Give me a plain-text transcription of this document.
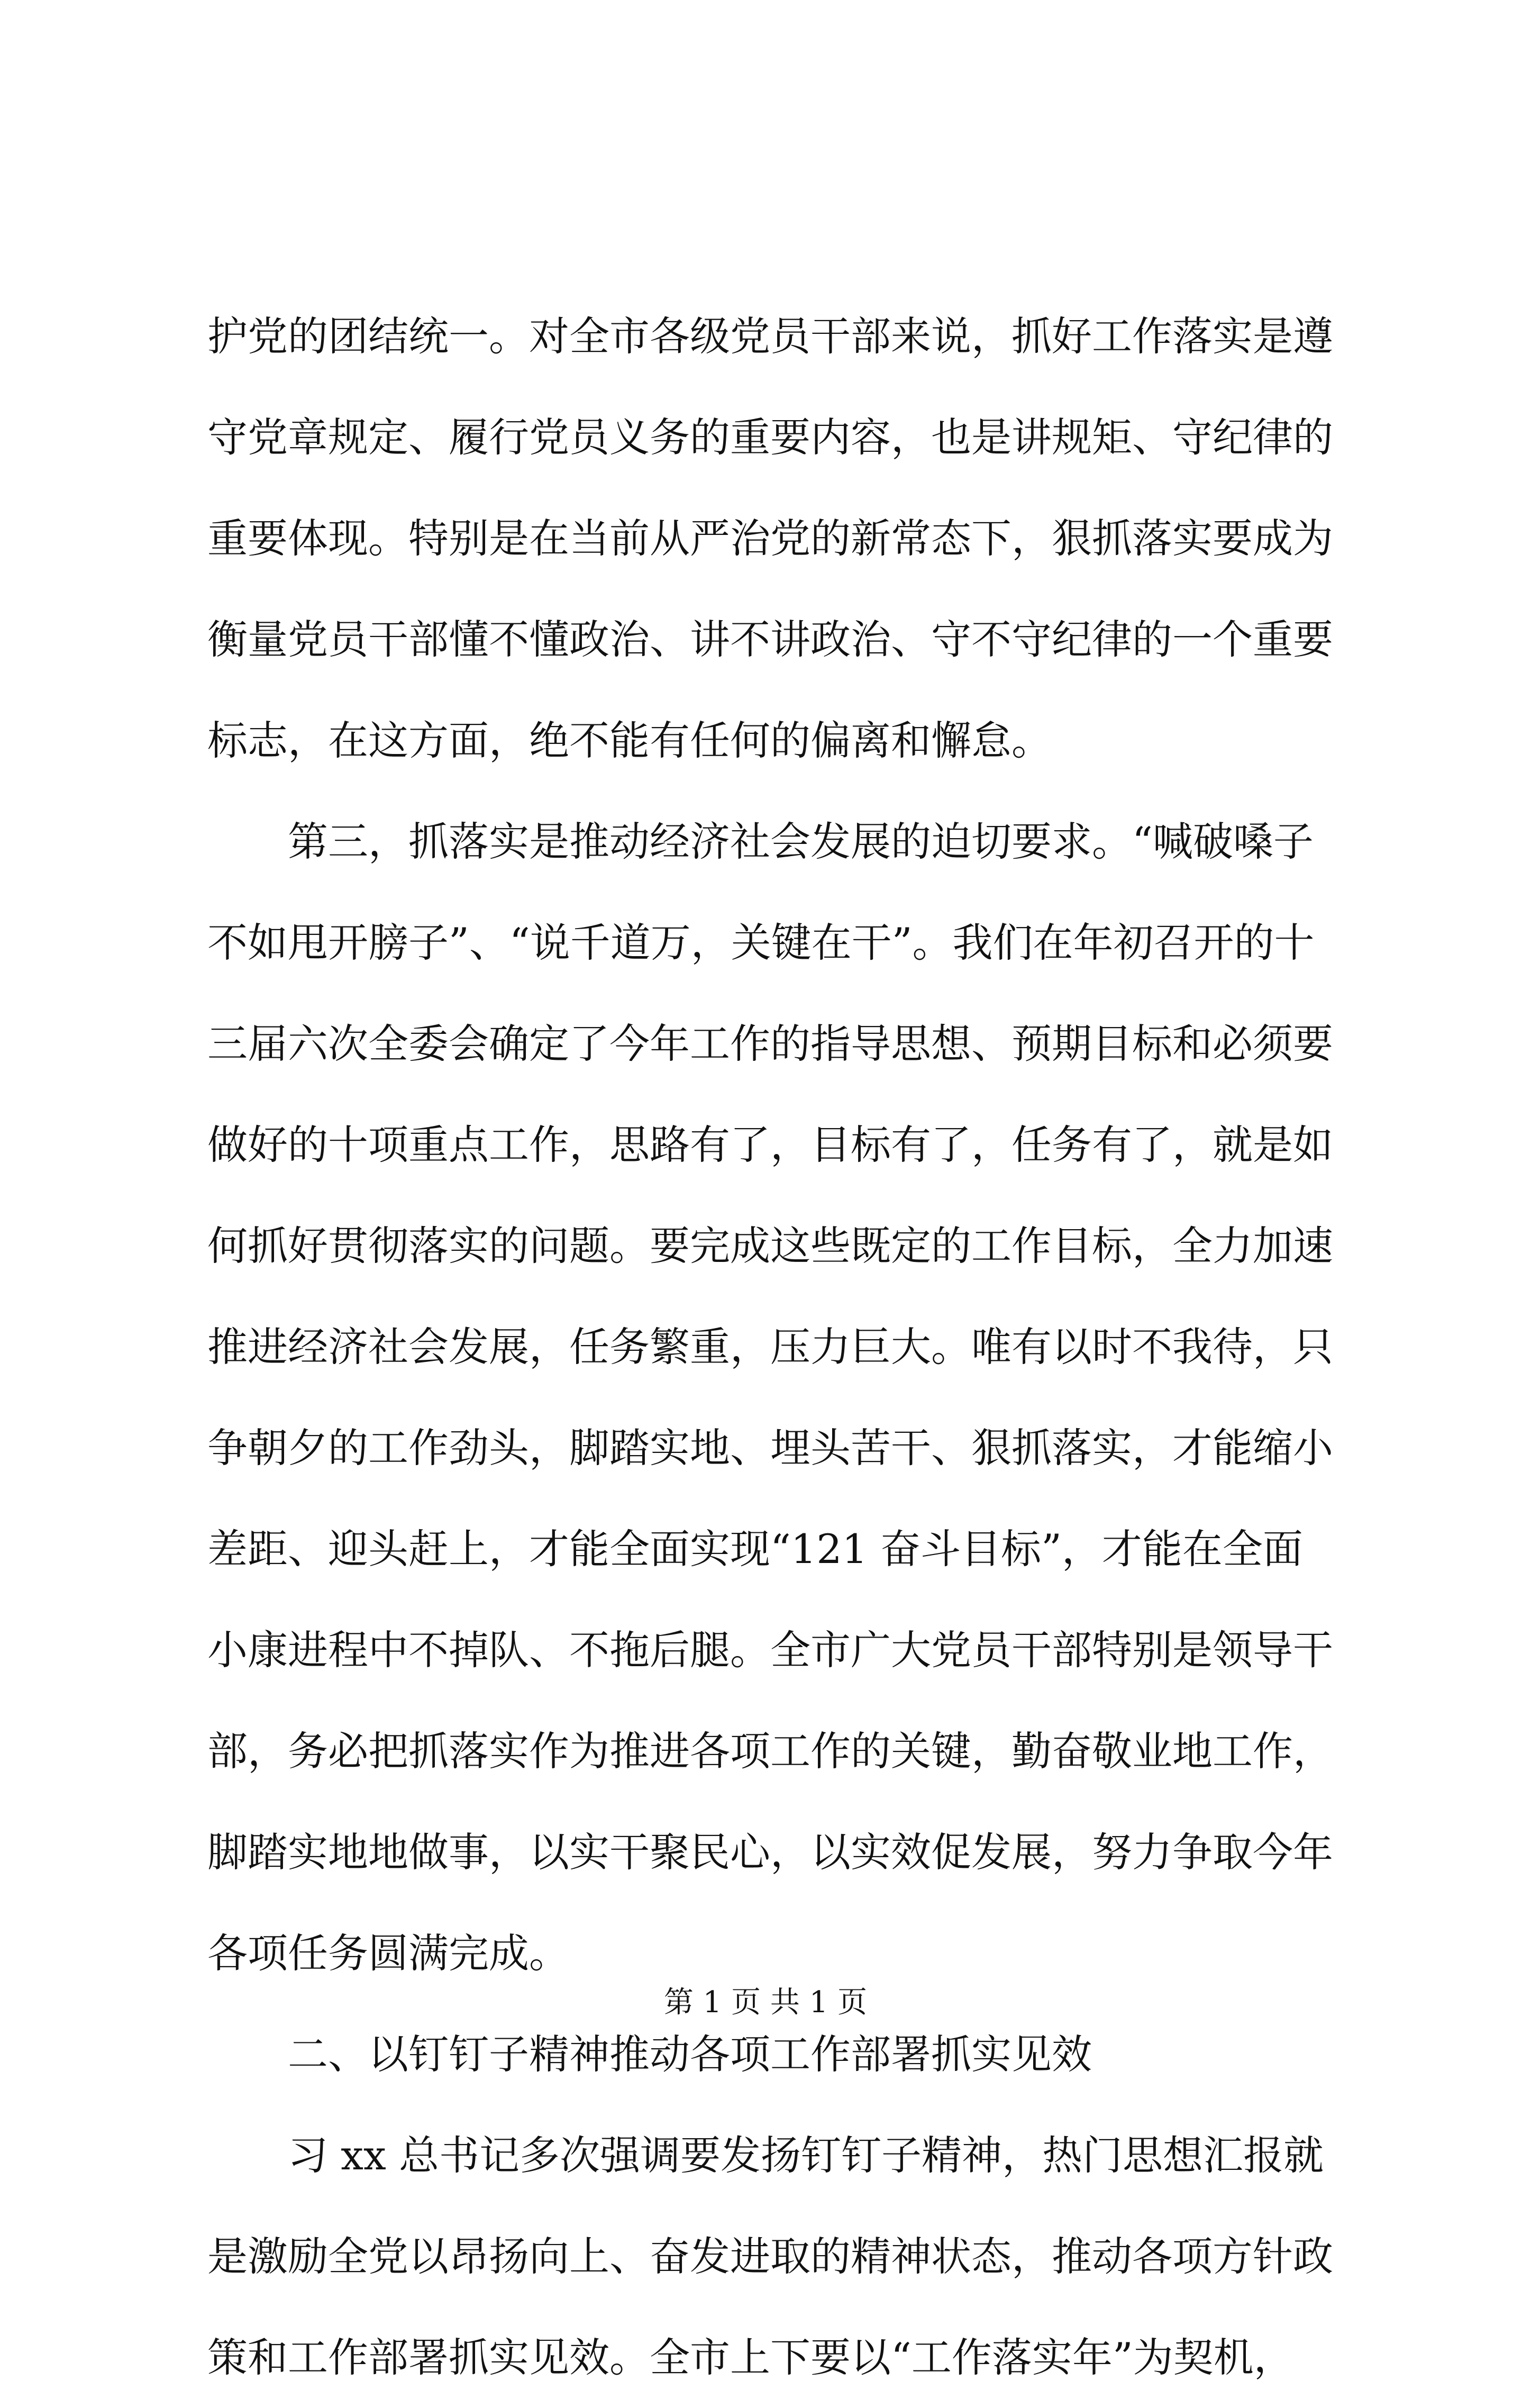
护党的团结统一。对全市各级党员干部来说，抓好工作落实是遵
守党章规定、履行党员义务的重要内容，也是讲规矩、守纪律的
重要体现。特别是在当前从严治党的新常态下，狠抓落实要成为
衡量党员干部懂不懂政治、讲不讲政治、守不守纪律的一个重要
标志，在这方面，绝不能有任何的偏离和懈怠。
　　第三，抓落实是推动经济社会发展的迫切要求。“喊破嗓子
不如甩开膀子”、“说千道万，关键在干”。我们在年初召开的十
三届六次全委会确定了今年工作的指导思想、预期目标和必须要
做好的十项重点工作，思路有了，目标有了，任务有了，就是如
何抓好贯彻落实的问题。要完成这些既定的工作目标，全力加速
推进经济社会发展，任务繁重，压力巨大。唯有以时不我待，只
争朝夕的工作劲头，脚踏实地、埋头苦干、狠抓落实，才能缩小
差距、迎头赶上，才能全面实现“121 奋斗目标”，才能在全面
小康进程中不掉队、不拖后腿。全市广大党员干部特别是领导干
部，务必把抓落实作为推进各项工作的关键，勤奋敬业地工作，
脚踏实地地做事，以实干聚民心，以实效促发展，努力争取今年
各项任务圆满完成。
　　二、以钉钉子精神推动各项工作部署抓实见效
　　习 xx 总书记多次强调要发扬钉钉子精神，热门思想汇报就
是激励全党以昂扬向上、奋发进取的精神状态，推动各项方针政
策和工作部署抓实见效。全市上下要以“工作落实年”为契机，
第 1 页 共 1 页
